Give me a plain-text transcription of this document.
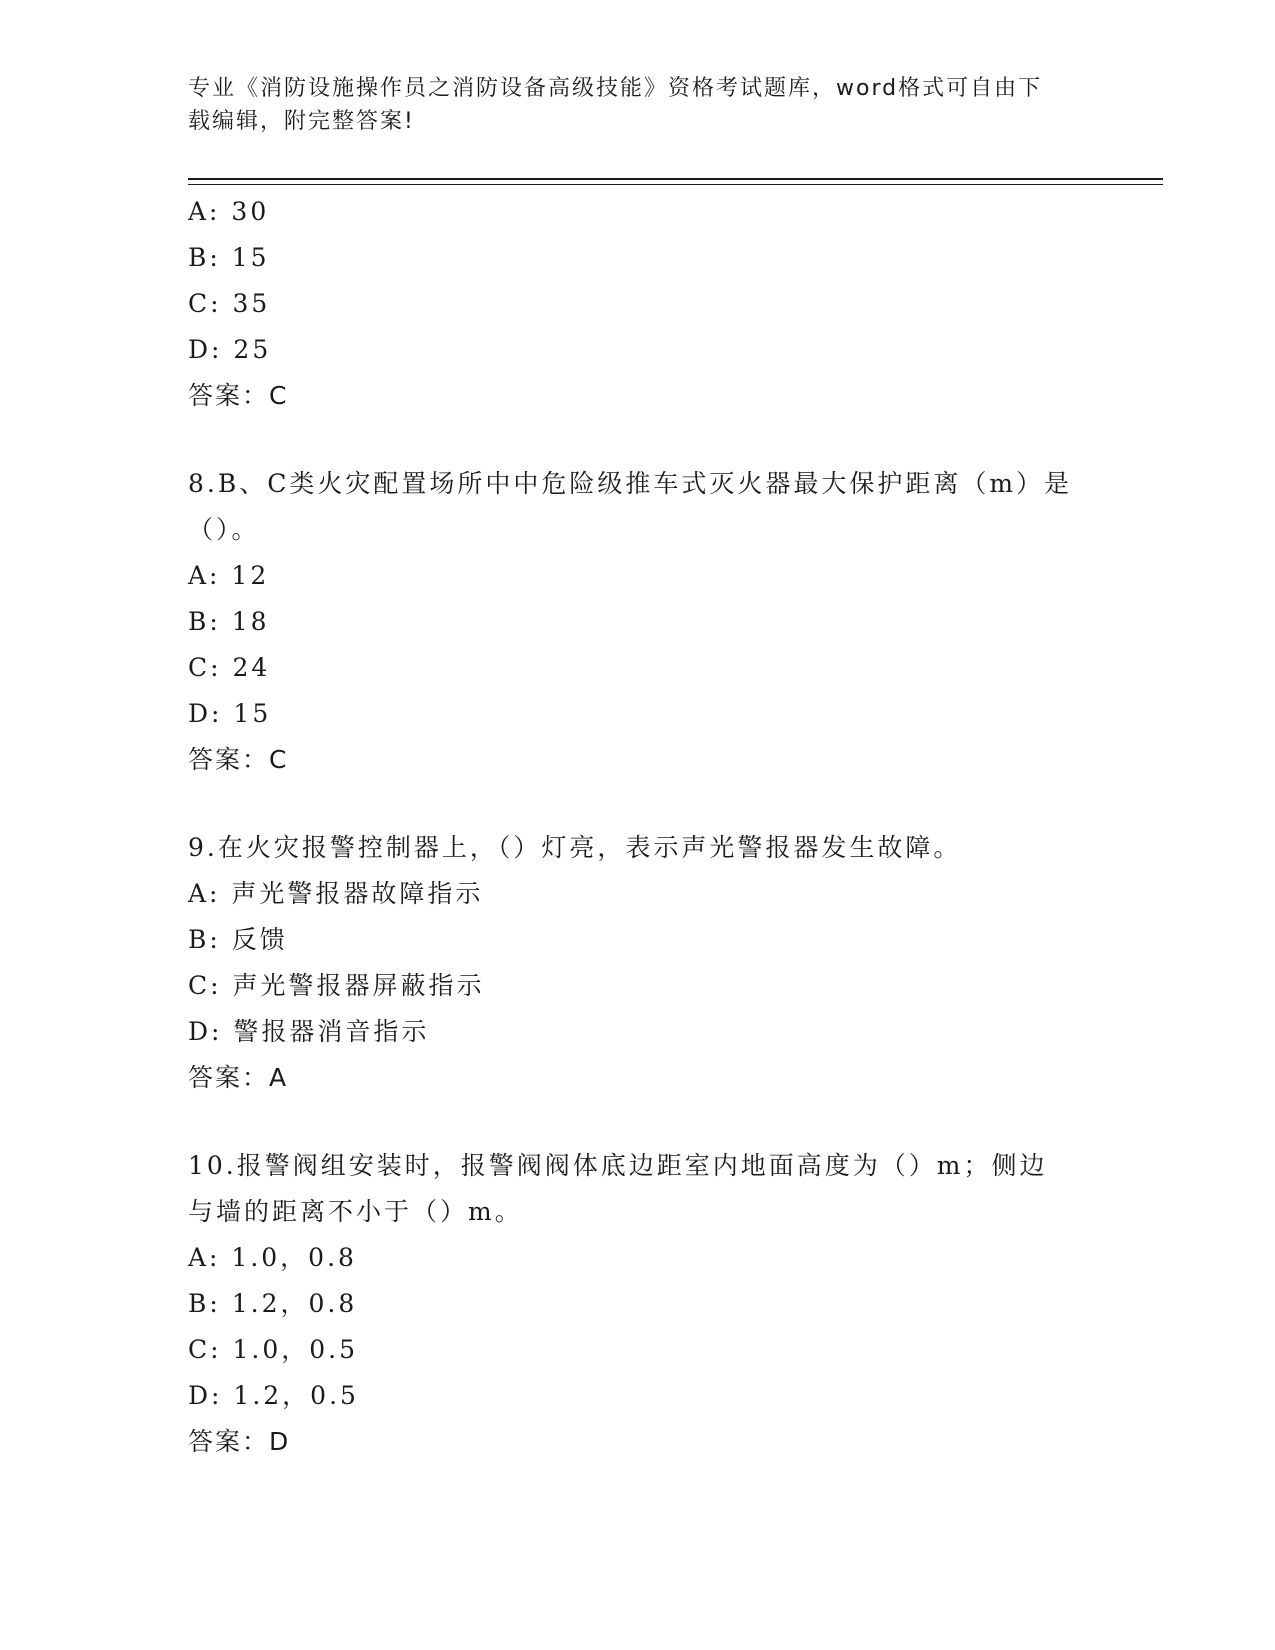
专业《消防设施操作员之消防设备高级技能》资格考试题库，word格式可自由下
载编辑，附完整答案!
A: 30
B: 15
C: 35
D: 25
答案：C
8.B、C类火灾配置场所中中危险级推车式灭火器最大保护距离（m）是
（）。
A: 12
B: 18
C: 24
D: 15
答案：C
9.在火灾报警控制器上，（）灯亮，表示声光警报器发生故障。
A: 声光警报器故障指示
B: 反馈
C: 声光警报器屏蔽指示
D: 警报器消音指示
答案：A
10.报警阀组安装时，报警阀阀体底边距室内地面高度为（）m；侧边
与墙的距离不小于（）m。
A: 1.0，0.8
B: 1.2，0.8
C: 1.0，0.5
D: 1.2，0.5
答案：D
